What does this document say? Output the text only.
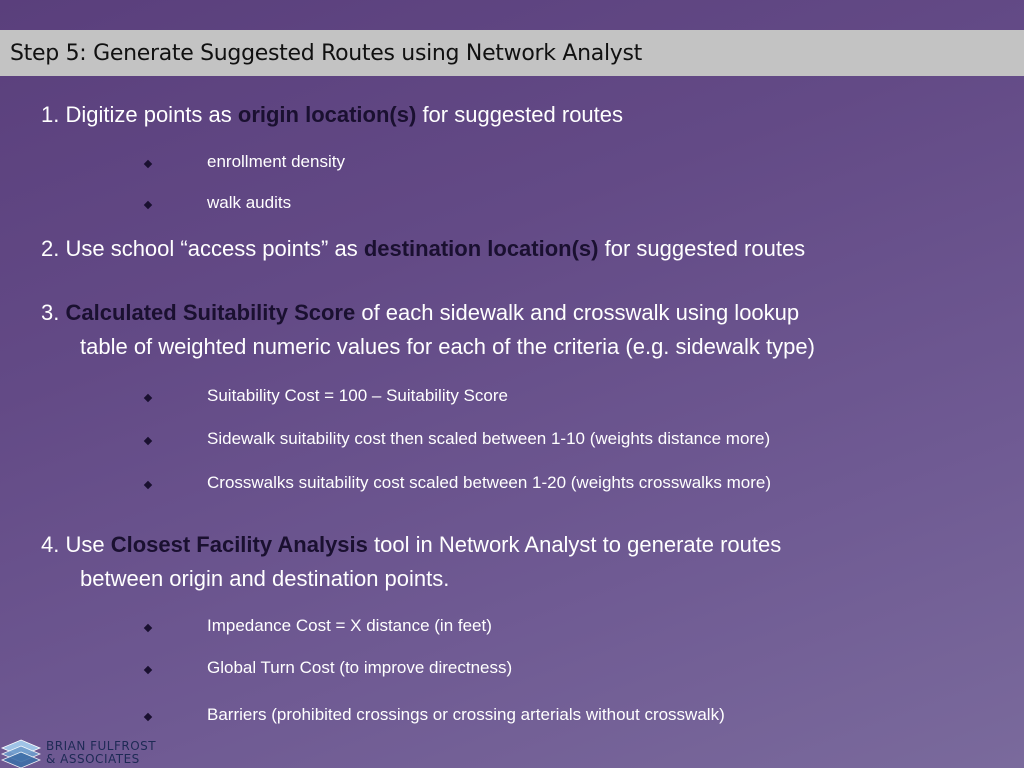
Step 5: Generate Suggested Routes using Network Analyst
1. Digitize points as origin location(s) for suggested routes
enrollment density
walk audits
2. Use school “access points” as destination location(s) for suggested routes
3. Calculated Suitability Score of each sidewalk and crosswalk using lookup
table of weighted numeric values for each of the criteria (e.g. sidewalk type)
Suitability Cost = 100 – Suitability Score
Sidewalk suitability cost then scaled between 1-10 (weights distance more)
Crosswalks suitability cost scaled between 1-20 (weights crosswalks more)
4. Use Closest Facility Analysis tool in Network Analyst to generate routes
between origin and destination points.
Impedance Cost = X distance (in feet)
Global Turn Cost (to improve directness)
Barriers (prohibited crossings or crossing arterials without crosswalk)
BRIAN FULFROST
& ASSOCIATES
